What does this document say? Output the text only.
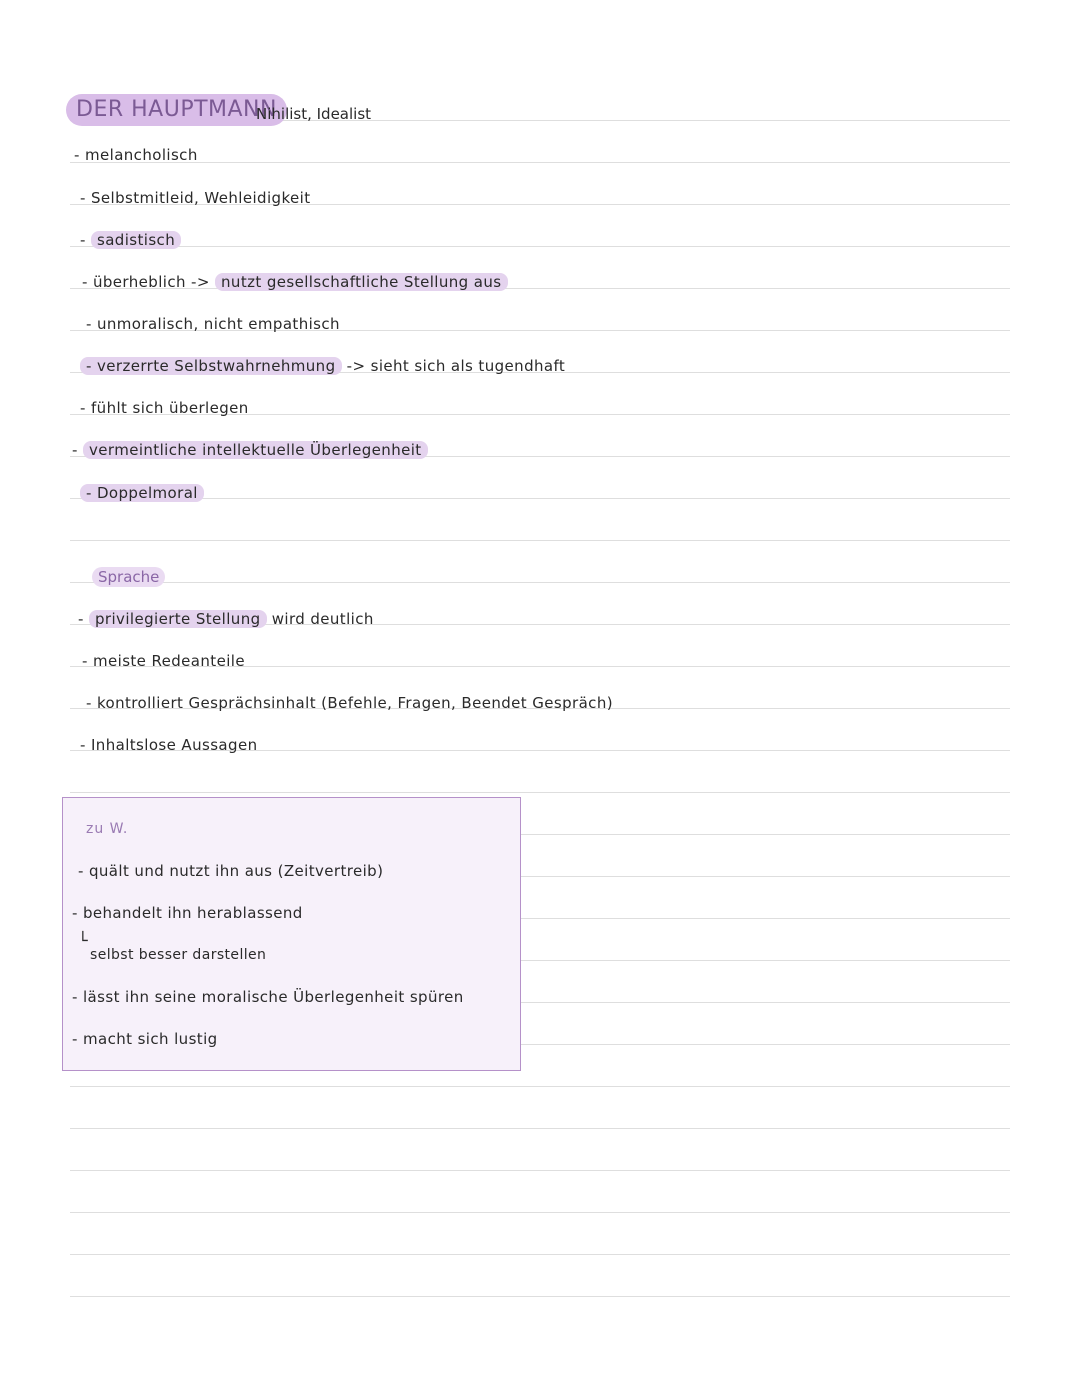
DER HAUPTMANN
Nihilist, Idealist
- melancholisch
- Selbstmitleid, Wehleidigkeit
- sadistisch
- überheblich -> nutzt gesellschaftliche Stellung aus
- unmoralisch, nicht empathisch
- verzerrte Selbstwahrnehmung -> sieht sich als tugendhaft
- fühlt sich überlegen
- vermeintliche intellektuelle Überlegenheit
- Doppelmoral
Sprache
- privilegierte Stellung wird deutlich
- meiste Redeanteile
- kontrolliert Gesprächsinhalt (Befehle, Fragen, Beendet Gespräch)
- Inhaltslose Aussagen
zu W.
- quält und nutzt ihn aus (Zeitvertreib)
- behandelt ihn herablassend
└
selbst besser darstellen
- lässt ihn seine moralische Überlegenheit spüren
- macht sich lustig
